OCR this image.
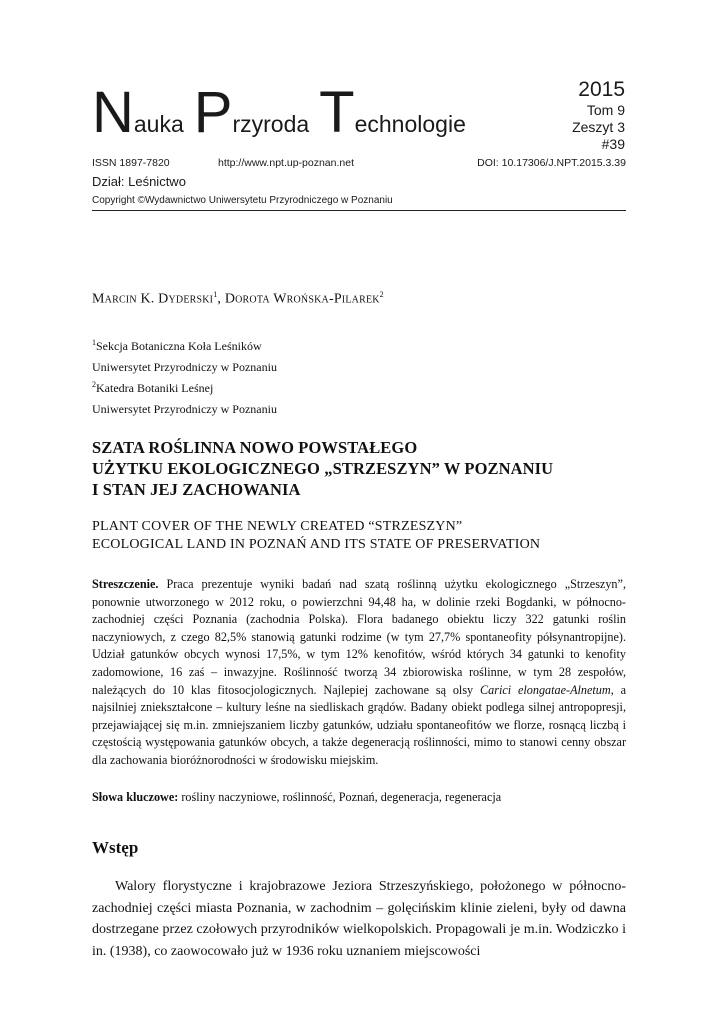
Nauka Przyroda Technologie
2015
Tom 9
Zeszyt 3
#39
ISSN 1897-7820	http://www.npt.up-poznan.net	DOI: 10.17306/J.NPT.2015.3.39
Dział: Leśnictwo
Copyright ©Wydawnictwo Uniwersytetu Przyrodniczego w Poznaniu
Marcin K. Dyderski$^1$, Dorota Wrońska-Pilarek$^2$
$^1$Sekcja Botaniczna Koła Leśników
Uniwersytet Przyrodniczy w Poznaniu
$^2$Katedra Botaniki Leśnej
Uniwersytet Przyrodniczy w Poznaniu
SZATA ROŚLINNA NOWO POWSTAŁEGO
UŻYTKU EKOLOGICZNEGO „STRZESZYN” W POZNANIU
I STAN JEJ ZACHOWANIA
PLANT COVER OF THE NEWLY CREATED “STRZESZYN”
ECOLOGICAL LAND IN POZNAŃ AND ITS STATE OF PRESERVATION
Streszczenie. Praca prezentuje wyniki badań nad szatą roślinną użytku ekologicznego „Strzeszyn”, ponownie utworzonego w 2012 roku, o powierzchni 94,48 ha, w dolinie rzeki Bogdanki, w północno-zachodniej części Poznania (zachodnia Polska). Flora badanego obiektu liczy 322 gatunki roślin naczyniowych, z czego 82,5% stanowią gatunki rodzime (w tym 27,7% spontaneofity półsynantropijne). Udział gatunków obcych wynosi 17,5%, w tym 12% kenofitów, wśród których 34 gatunki to kenofity zadomowione, 16 zaś – inwazyjne. Roślinność tworzą 34 zbiorowiska roślinne, w tym 28 zespołów, należących do 10 klas fitosocjologicznych. Najlepiej zachowane są olsy Carici elongatae-Alnetum, a najsilniej zniekształcone – kultury leśne na siedliskach grądów. Badany obiekt podlega silnej antropopresji, przejawiającej się m.in. zmniejszaniem liczby gatunków, udziału spontaneofitów we florze, rosnącą liczbą i częstością występowania gatunków obcych, a także degeneracją roślinności, mimo to stanowi cenny obszar dla zachowania bioróżnorodności w środowisku miejskim.
Słowa kluczowe: rośliny naczyniowe, roślinność, Poznań, degeneracja, regeneracja
Wstęp
Walory florystyczne i krajobrazowe Jeziora Strzeszyńskiego, położonego w północno-zachodniej części miasta Poznania, w zachodnim – golęcińskim klinie zieleni, były od dawna dostrzegane przez czołowych przyrodników wielkopolskich. Propagowali je m.in. Wodziczko i in. (1938), co zaowocowało już w 1936 roku uznaniem miejscowości
